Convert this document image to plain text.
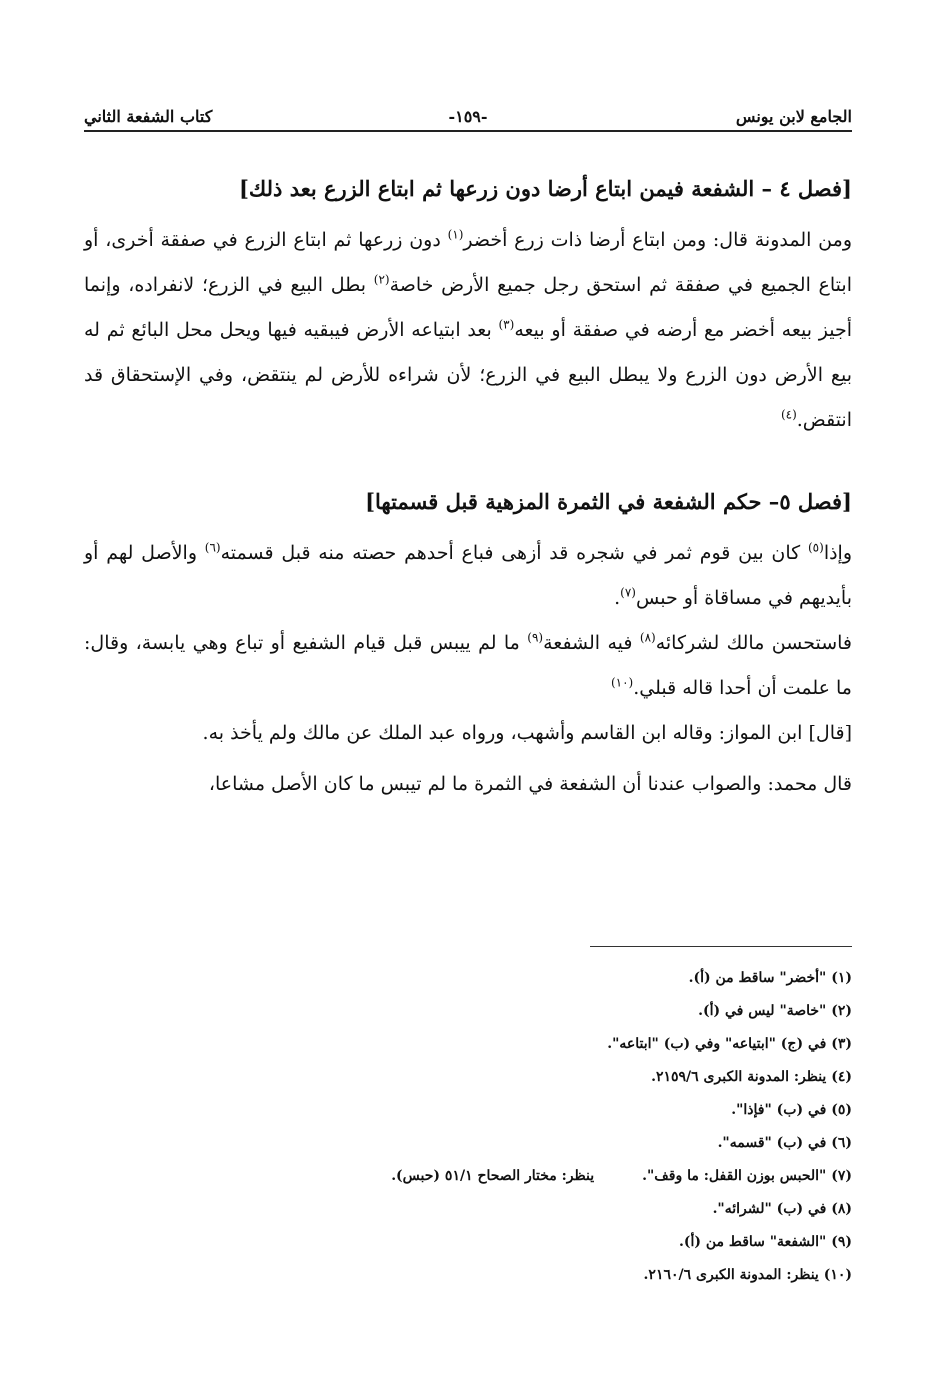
الجامع لابن يونس
-١٥٩-
كتاب الشفعة الثاني
[فصل ٤ – الشفعة فيمن ابتاع أرضا دون زرعها ثم ابتاع الزرع بعد ذلك]

ومن المدونة قال: ومن ابتاع أرضا ذات زرع أخضر$^{(١)}$ دون زرعها ثم ابتاع الزرع في صفقة أخرى، أو ابتاع الجميع في صفقة ثم استحق رجل جميع الأرض خاصة$^{(٢)}$ بطل البيع في الزرع؛ لانفراده، وإنما أجيز بيعه أخضر مع أرضه في صفقة أو بيعه$^{(٣)}$ بعد ابتياعه الأرض فيبقيه فيها ويحل محل البائع ثم له بيع الأرض دون الزرع ولا يبطل البيع في الزرع؛ لأن شراءه للأرض لم ينتقض، وفي الإستحقاق قد انتقض.$^{(٤)}$

[فصل ٥– حكم الشفعة في الثمرة المزهية قبل قسمتها]

وإذا$^{(٥)}$ كان بين قوم ثمر في شجره قد أزهى فباع أحدهم حصته منه قبل قسمته$^{(٦)}$ والأصل لهم أو بأيديهم في مساقاة أو حبس$^{(٧)}$.

فاستحسن مالك لشركائه$^{(٨)}$ فيه الشفعة$^{(٩)}$ ما لم ييبس قبل قيام الشفيع أو تباع وهي يابسة، وقال: ما علمت أن أحدا قاله قبلي.$^{(١٠)}$

[قال] ابن المواز: وقاله ابن القاسم وأشهب، ورواه عبد الملك عن مالك ولم يأخذ به.

قال محمد: والصواب عندنا أن الشفعة في الثمرة ما لم تيبس ما كان الأصل مشاعا،

(١) "أخضر" ساقط من (أ).
(٢) "خاصة" ليس في (أ).
(٣) في (ج) "ابتياعه" وفي (ب) "ابتاعه".
(٤) ينظر: المدونة الكبرى ٢١٥٩/٦.
(٥) في (ب) "فإذا".
(٦) في (ب) "قسمه".
(٧) "الحبس بوزن القفل: ما وقف".
ينظر: مختار الصحاح ٥١/١ (حبس).
(٨) في (ب) "لشرائه".
(٩) "الشفعة" ساقط من (أ).
(١٠) ينظر: المدونة الكبرى ٢١٦٠/٦.
